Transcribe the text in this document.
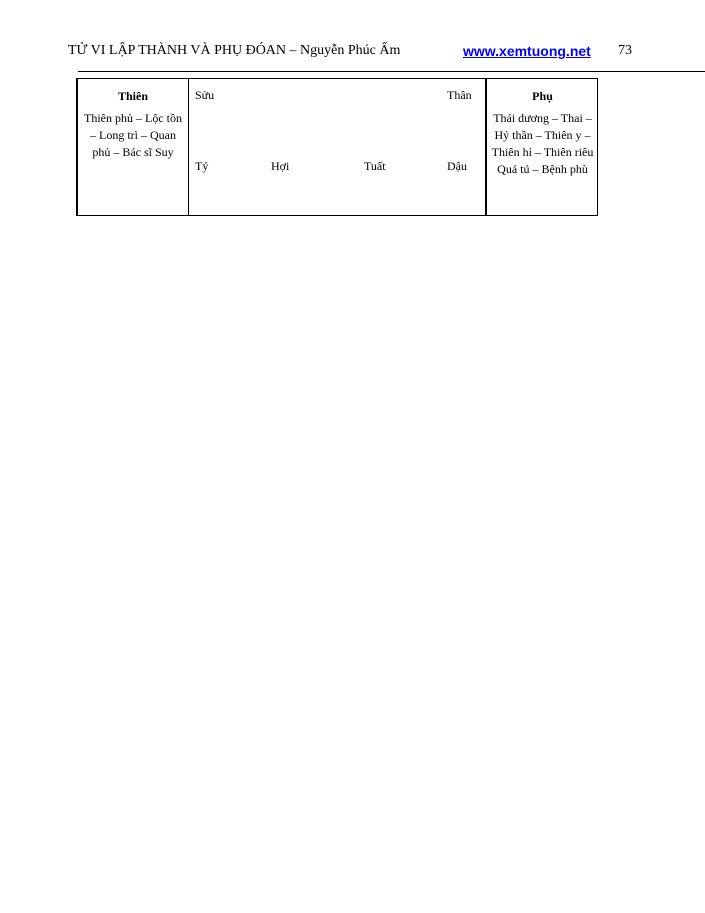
TỬ VI LẬP THÀNH VÀ PHỤ ĐÓAN – Nguyễn Phúc Ấm	www.xemtuong.net 73
Thiên
Thiên phủ – Lộc tồn – Long trì – Quan phủ – Bác sĩ Suy
Sửu	Thân
Tý	Hợi	Tuất	Dậu
Phụ
Thái dương – Thai – Hỷ thần – Thiên y – Thiên hỉ – Thiên riêu Quả tú – Bệnh phù
